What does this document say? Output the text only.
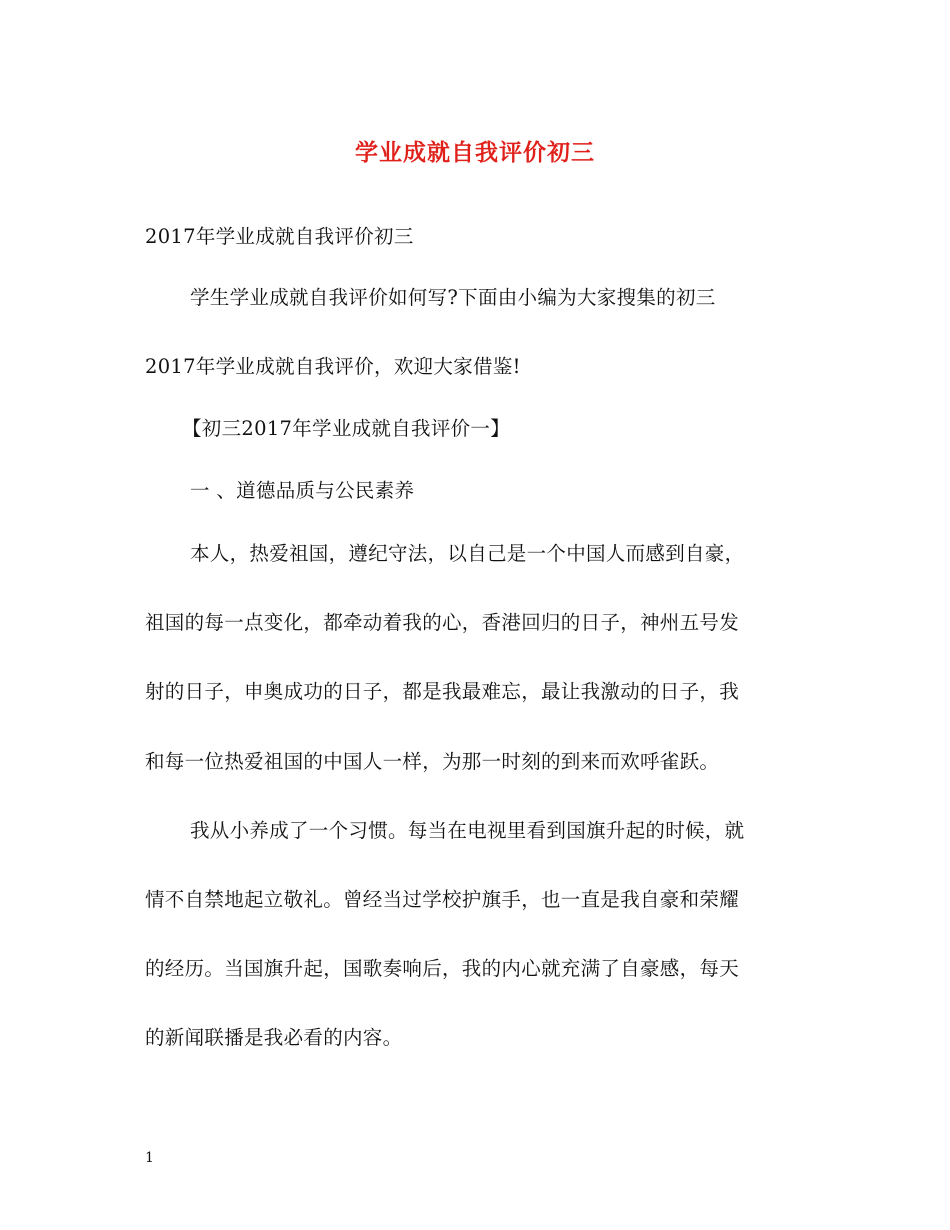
学业成就自我评价初三
2017年学业成就自我评价初三
学生学业成就自我评价如何写?下面由小编为大家搜集的初三
2017年学业成就自我评价，欢迎大家借鉴!
【初三2017年学业成就自我评价一】
一 、道德品质与公民素养
本人，热爱祖国，遵纪守法，以自己是一个中国人而感到自豪，
祖国的每一点变化，都牵动着我的心，香港回归的日子，神州五号发
射的日子，申奥成功的日子，都是我最难忘，最让我激动的日子，我
和每一位热爱祖国的中国人一样，为那一时刻的到来而欢呼雀跃。
我从小养成了一个习惯。每当在电视里看到国旗升起的时候，就
情不自禁地起立敬礼。曾经当过学校护旗手，也一直是我自豪和荣耀
的经历。当国旗升起，国歌奏响后，我的内心就充满了自豪感，每天
的新闻联播是我必看的内容。
1
